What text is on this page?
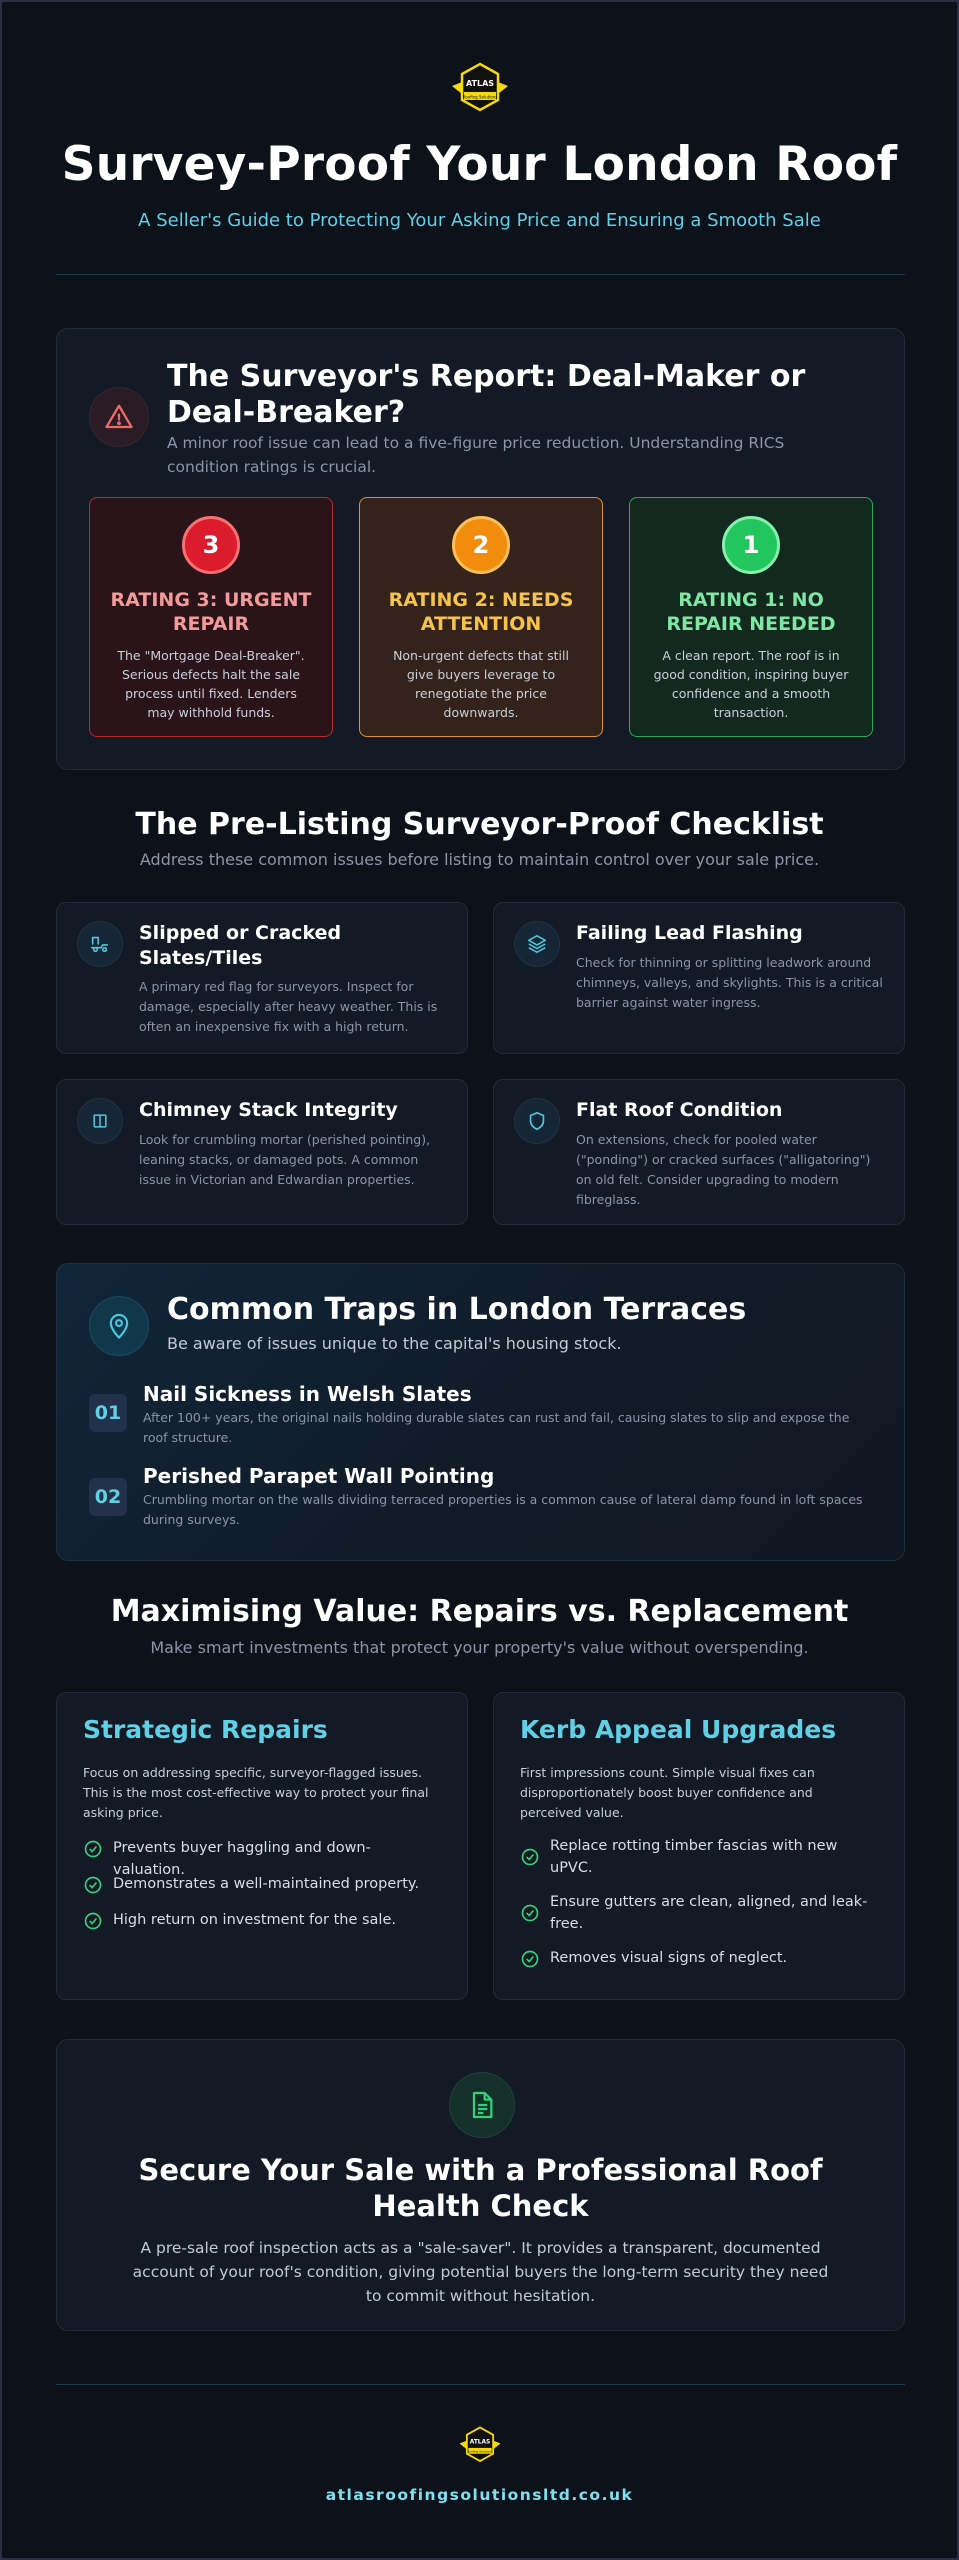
ATLAS
Roofing Solutions
Survey-Proof Your London Roof
A Seller's Guide to Protecting Your Asking Price and Ensuring a Smooth Sale
The Surveyor's Report: Deal-Maker or Deal-Breaker?
A minor roof issue can lead to a five-figure price reduction. Understanding RICS condition ratings is crucial.
3
RATING 3: URGENT REPAIR
The "Mortgage Deal-Breaker". Serious defects halt the sale process until fixed. Lenders may withhold funds.
2
RATING 2: NEEDS ATTENTION
Non-urgent defects that still give buyers leverage to renegotiate the price downwards.
1
RATING 1: NO REPAIR NEEDED
A clean report. The roof is in good condition, inspiring buyer confidence and a smooth transaction.
The Pre-Listing Surveyor-Proof Checklist
Address these common issues before listing to maintain control over your sale price.
Slipped or Cracked Slates/Tiles
A primary red flag for surveyors. Inspect for damage, especially after heavy weather. This is often an inexpensive fix with a high return.
Failing Lead Flashing
Check for thinning or splitting leadwork around chimneys, valleys, and skylights. This is a critical barrier against water ingress.
Chimney Stack Integrity
Look for crumbling mortar (perished pointing), leaning stacks, or damaged pots. A common issue in Victorian and Edwardian properties.
Flat Roof Condition
On extensions, check for pooled water ("ponding") or cracked surfaces ("alligatoring") on old felt. Consider upgrading to modern fibreglass.
Common Traps in London Terraces
Be aware of issues unique to the capital's housing stock.
01
Nail Sickness in Welsh Slates
After 100+ years, the original nails holding durable slates can rust and fail, causing slates to slip and expose the roof structure.
02
Perished Parapet Wall Pointing
Crumbling mortar on the walls dividing terraced properties is a common cause of lateral damp found in loft spaces during surveys.
Maximising Value: Repairs vs. Replacement
Make smart investments that protect your property's value without overspending.
Strategic Repairs
Focus on addressing specific, surveyor-flagged issues. This is the most cost-effective way to protect your final asking price.
Prevents buyer haggling and down-valuation.
Demonstrates a well-maintained property.
High return on investment for the sale.
Kerb Appeal Upgrades
First impressions count. Simple visual fixes can disproportionately boost buyer confidence and perceived value.
Replace rotting timber fascias with new uPVC.
Ensure gutters are clean, aligned, and leak-free.
Removes visual signs of neglect.
Secure Your Sale with a Professional Roof Health Check
A pre-sale roof inspection acts as a "sale-saver". It provides a transparent, documented account of your roof's condition, giving potential buyers the long-term security they need to commit without hesitation.
ATLAS
Roofing Solutions
atlasroofingsolutionsltd.co.uk
